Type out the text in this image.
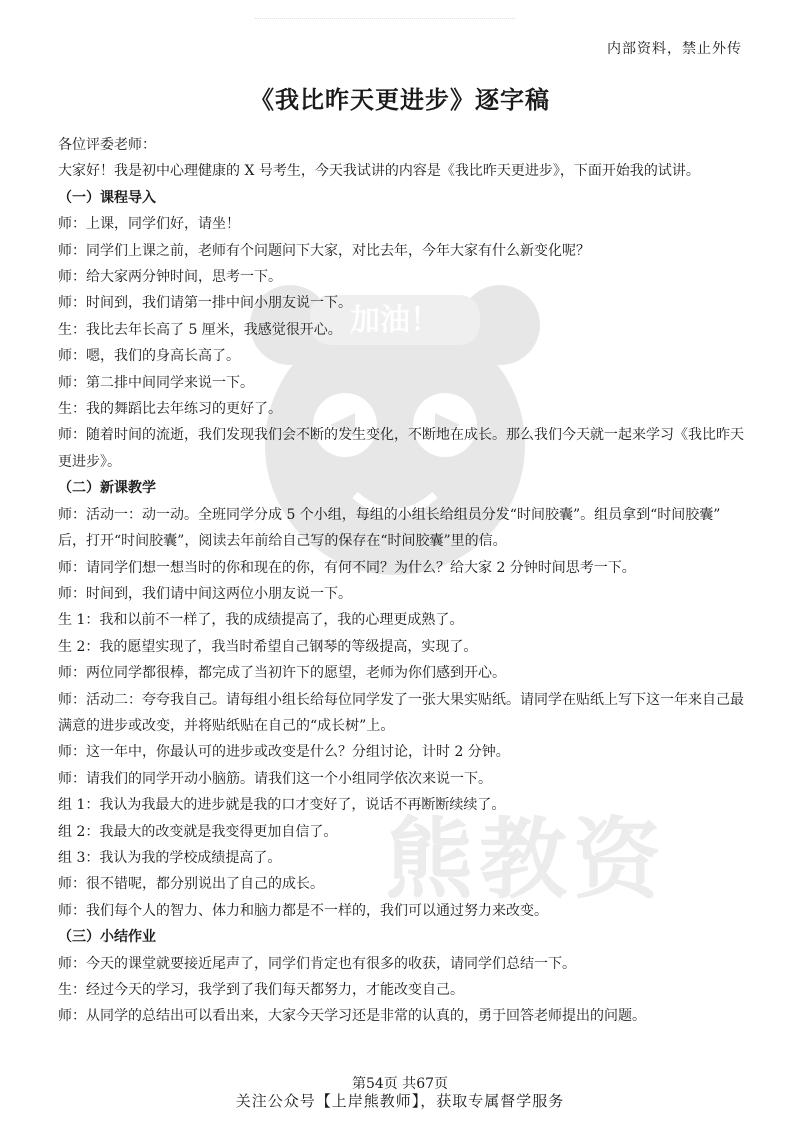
内部资料，禁止外传
加油！
熊教资
《我比昨天更进步》逐字稿
各位评委老师：
大家好！我是初中心理健康的 X 号考生，今天我试讲的内容是《我比昨天更进步》，下面开始我的试讲。
（一）课程导入
师：上课，同学们好，请坐！
师：同学们上课之前，老师有个问题问下大家，对比去年，今年大家有什么新变化呢？
师：给大家两分钟时间，思考一下。
师：时间到，我们请第一排中间小朋友说一下。
生：我比去年长高了 5 厘米，我感觉很开心。
师：嗯，我们的身高长高了。
师：第二排中间同学来说一下。
生：我的舞蹈比去年练习的更好了。
师：随着时间的流逝，我们发现我们会不断的发生变化，不断地在成长。那么我们今天就一起来学习《我比昨天
更进步》。
（二）新课教学
师：活动一：动一动。全班同学分成 5 个小组，每组的小组长给组员分发“时间胶囊”。组员拿到“时间胶囊”
后，打开“时间胶囊”，阅读去年前给自己写的保存在“时间胶囊”里的信。
师：请同学们想一想当时的你和现在的你，有何不同？为什么？给大家 2 分钟时间思考一下。
师：时间到，我们请中间这两位小朋友说一下。
生 1：我和以前不一样了，我的成绩提高了，我的心理更成熟了。
生 2：我的愿望实现了，我当时希望自己钢琴的等级提高，实现了。
师：两位同学都很棒，都完成了当初许下的愿望，老师为你们感到开心。
师：活动二：夸夸我自己。请每组小组长给每位同学发了一张大果实贴纸。请同学在贴纸上写下这一年来自己最
满意的进步或改变，并将贴纸贴在自己的“成长树”上。
师：这一年中，你最认可的进步或改变是什么？分组讨论，计时 2 分钟。
师：请我们的同学开动小脑筋。请我们这一个小组同学依次来说一下。
组 1：我认为我最大的进步就是我的口才变好了，说话不再断断续续了。
组 2：我最大的改变就是我变得更加自信了。
组 3：我认为我的学校成绩提高了。
师：很不错呢，都分别说出了自己的成长。
师：我们每个人的智力、体力和脑力都是不一样的，我们可以通过努力来改变。
（三）小结作业
师：今天的课堂就要接近尾声了，同学们肯定也有很多的收获，请同学们总结一下。
生：经过今天的学习，我学到了我们每天都努力，才能改变自己。
师：从同学的总结出可以看出来，大家今天学习还是非常的认真的，勇于回答老师提出的问题。
第54页 共67页
关注公众号【上岸熊教师】，获取专属督学服务
